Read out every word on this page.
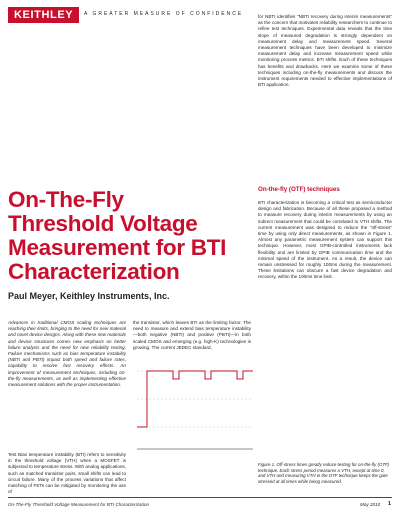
KEITHLEY	A GREATER MEASURE OF CONFIDENCE	for NBTI identifies "NBTI recovery during interim measurements" as the concern that motivates reliability researchers to continue to refine test techniques. Experimental data reveals that the time slope of measured degradation is strongly dependent on measurement delay and measurement speed. Several measurement techniques have been developed to minimize measurement delay and increase measurement speed while monitoring process metrics. BTI shifts. Each of these techniques has benefits and drawbacks. Here we examine some of these techniques including on-the-fly measurements and discuss the instrument requirements needed to effective implementations of BTI application.

On-The-Fly
Threshold Voltage
Measurement for BTI
Characterization
On-the-fly (OTF) techniques

BTI characterization is becoming a critical test as semiconductor design and fabrication. Because of all these proposed a method to measure recovery during interim measurements by using an indirect measurement that could be correlated to VTH shifts. The current measurement was designed to reduce the "off-stress" time by using only direct measurements, as shown in Figure 1. Almost any parametric measurement system can support this technique. However, most GPIB-controlled instruments lack flexibility and are limited by GPIB communication time and the minimal speed of the instrument. As a result, the device can remain unstressed for roughly 100ms during the measurement. These limitations can obscure a fast device degradation and recovery, within the 100ms time limit.

Paul Meyer, Keithley Instruments, Inc.

Advances in traditional CMOS scaling techniques are reaching their limits, bringing to the need for new material and novel device designs. Along with these new materials and device structures comes new emphasis on better failure analysis and the need for new reliability testing. Failure mechanisms such as bias temperature instability (NBTI and PBTI) impact both speed and failure rates, capability to resolve fast recovery effects. An improvement of measurement techniques, including on-the-fly measurements, as well as implementing effective measurement solutions with the proper instrumentation.

Test Bias temperature instability (BTI) refers to sensitivity in the threshold voltage (VTH) when a MOSFET is subjected to temperature stress. With analog applications, such as matched transistor pairs, small shifts can lead to circuit failure. Many of the process variations that affect matching of FETs can be mitigated by monitoring the use of

the transistor, which leaves BTI as the limiting factor. The need to measure and extend bias temperature instability—both negative (NBTI) and positive (PBTI)—in both scaled CMOS and emerging (e.g. high-K) technologies is growing. The current JEDEC standard,

Figure 1. Off-stress times greatly reduce testing for on-the-fly (OTF) technique. Each stress period measures a VTH, except at time 0, and VTH and measuring VTH in the OTF technique keeps the gate stressed at all times while being measured.
On-The-Fly Threshold Voltage Measurement for BTI Characterization	May 2010 1
